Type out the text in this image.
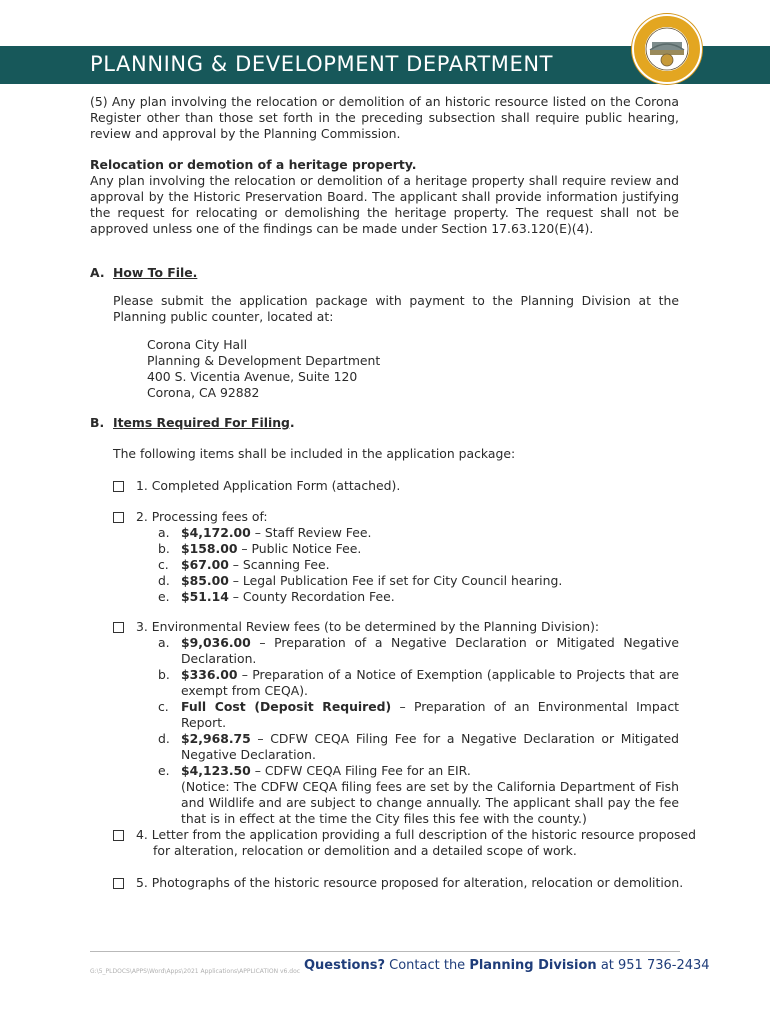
PLANNING & DEVELOPMENT DEPARTMENT
(5) Any plan involving the relocation or demolition of an historic resource listed on the Corona Register other than those set forth in the preceding subsection shall require public hearing, review and approval by the Planning Commission.
Relocation or demotion of a heritage property.
Any plan involving the relocation or demolition of a heritage property shall require review and approval by the Historic Preservation Board. The applicant shall provide information justifying the request for relocating or demolishing the heritage property. The request shall not be approved unless one of the findings can be made under Section 17.63.120(E)(4).
A. How To File.
Please submit the application package with payment to the Planning Division at the Planning public counter, located at:
Corona City Hall
Planning & Development Department
400 S. Vicentia Avenue, Suite 120
Corona, CA 92882
B. Items Required For Filing.
The following items shall be included in the application package:
1. Completed Application Form (attached).
2. Processing fees of:
a. $4,172.00 – Staff Review Fee.
b. $158.00 – Public Notice Fee.
c. $67.00 – Scanning Fee.
d. $85.00 – Legal Publication Fee if set for City Council hearing.
e. $51.14 – County Recordation Fee.
3. Environmental Review fees (to be determined by the Planning Division):
a. $9,036.00 – Preparation of a Negative Declaration or Mitigated Negative Declaration.
b. $336.00 – Preparation of a Notice of Exemption (applicable to Projects that are exempt from CEQA).
c. Full Cost (Deposit Required) – Preparation of an Environmental Impact Report.
d. $2,968.75 – CDFW CEQA Filing Fee for a Negative Declaration or Mitigated Negative Declaration.
e. $4,123.50 – CDFW CEQA Filing Fee for an EIR.
(Notice: The CDFW CEQA filing fees are set by the California Department of Fish and Wildlife and are subject to change annually. The applicant shall pay the fee that is in effect at the time the City files this fee with the county.)
4. Letter from the application providing a full description of the historic resource proposed for alteration, relocation or demolition and a detailed scope of work.
5. Photographs of the historic resource proposed for alteration, relocation or demolition.
G:\5_PLDOCS\APPS\Word\Apps\2021 Applications\APPLICATION v6.doc Questions? Contact the Planning Division at 951 736-2434
